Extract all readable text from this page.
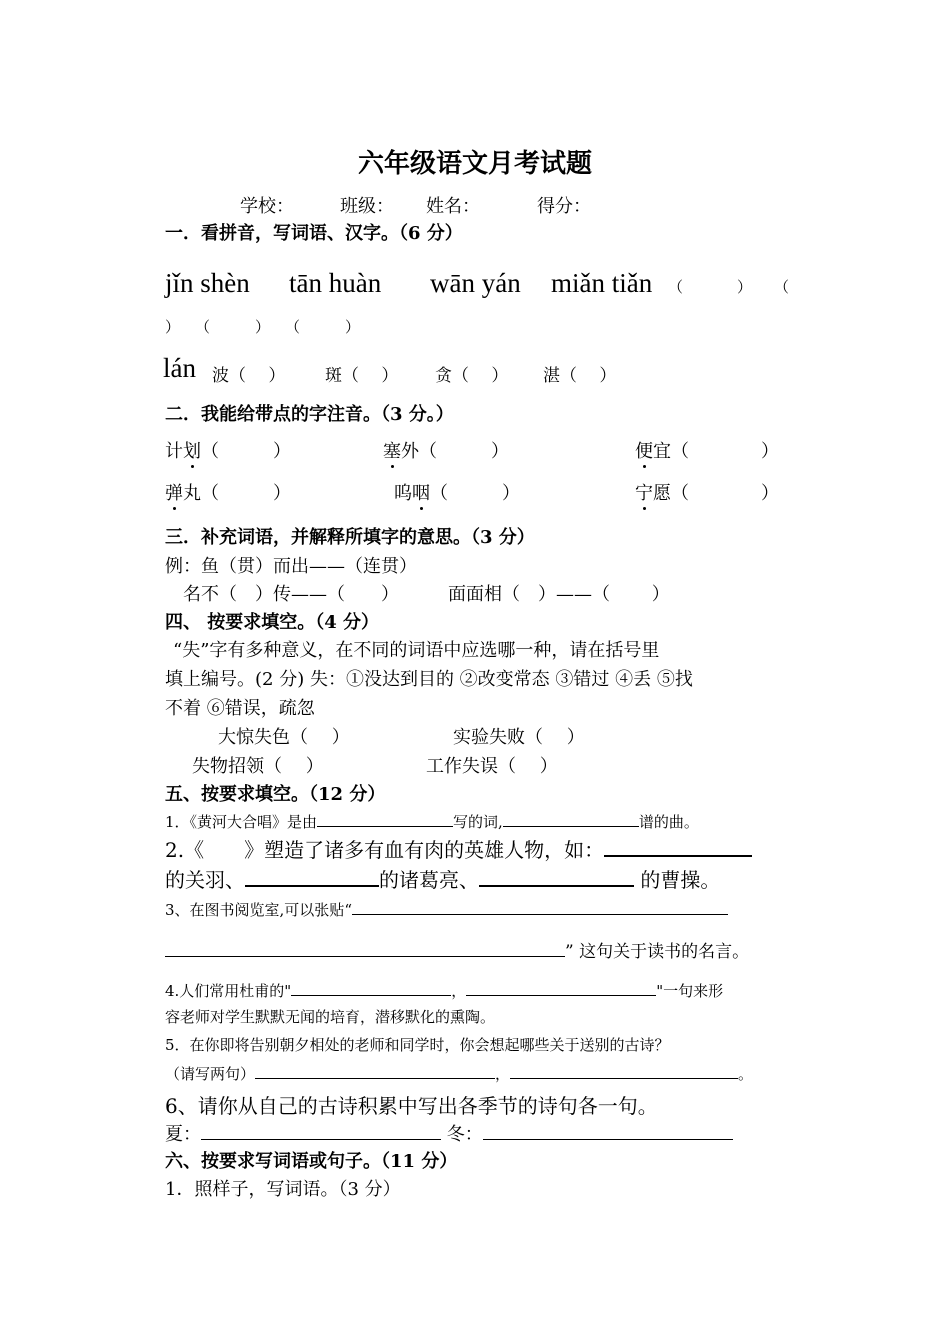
六年级语文月考试题
学校：	班级： 姓名：	得分：
一．看拼音，写词语、汉字。（6 分）
jǐn shèn tān huàn wān yán miǎn tiǎn （	） （
）　　（　　　）　　（　　　）
lán 波（　 ） 斑（　 ） 贪（　 ） 湛（　 ）
二．我能给带点的字注音。（3 分。）
计划（　　　）	塞外（　　　）	便宜（　　　　）
弹丸（　　　）	呜咽（　　　）	宁愿（　　　　）
三．补充词语，并解释所填字的意思。（3 分）
例：鱼（贯）而出——（连贯）
名不（　）传——（　　）	面面相（　）——（　　 ）
四、 按要求填空。（4 分）
“失”字有多种意义，在不同的词语中应选哪一种，请在括号里
填上编号。(2 分) 失：①没达到目的 ②改变常态 ③错过 ④丢 ⑤找
不着 ⑥错误，疏忽
大惊失色（　 ）	实验失败（　 ）
失物招领（　 ）	工作失误（　 ）
五、按要求填空。（12 分）
1．《黄河大合唱》是由	写的词,	谱的曲。
2.《　　》塑造了诸多有血有肉的英雄人物，如：
的关羽、	的诸葛亮、	的曹操。
3、在图书阅览室,可以张贴“
” 这句关于读书的名言。
4.人们常用杜甫的"	，	"一句来形
容老师对学生默默无闻的培育，潜移默化的熏陶。
5．在你即将告别朝夕相处的老师和同学时，你会想起哪些关于送别的古诗？
（请写两句）	，	。
6、请你从自己的古诗积累中写出各季节的诗句各一句。
夏：	冬：
六、按要求写词语或句子。（11 分）
1．照样子，写词语。（3 分）
